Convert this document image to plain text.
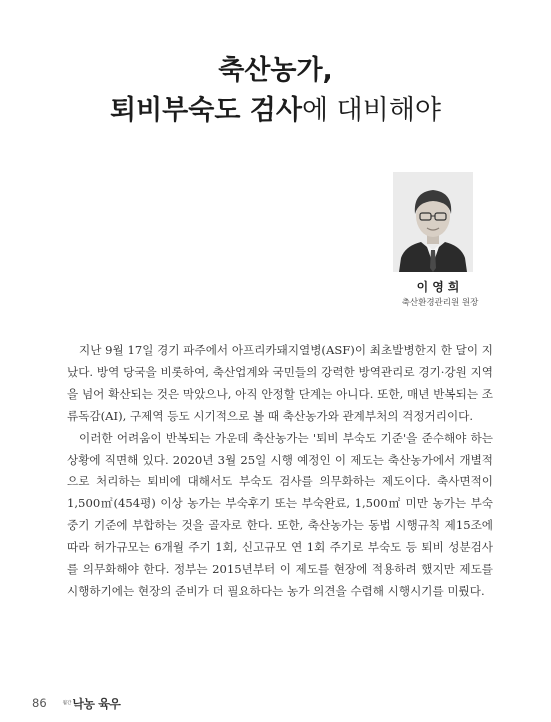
축산농가,
퇴비부숙도 검사에 대비해야
이영희
축산환경관리원 원장

지난 9월 17일 경기 파주에서 아프리카돼지열병(ASF)이 최초발병한지 한 달이 지났다. 방역 당국을 비롯하여, 축산업계와 국민들의 강력한 방역관리로 경기·강원 지역을 넘어 확산되는 것은 막았으나, 아직 안정할 단계는 아니다. 또한, 매년 반복되는 조류독감(AI), 구제역 등도 시기적으로 볼 때 축산농가와 관계부처의 걱정거리이다.

이러한 어려움이 반복되는 가운데 축산농가는 '퇴비 부숙도 기준'을 준수해야 하는 상황에 직면해 있다. 2020년 3월 25일 시행 예정인 이 제도는 축산농가에서 개별적으로 처리하는 퇴비에 대해서도 부숙도 검사를 의무화하는 제도이다. 축사면적이 1,500㎡(454평) 이상 농가는 부숙후기 또는 부숙완료, 1,500㎡ 미만 농가는 부숙중기 기준에 부합하는 것을 골자로 한다. 또한, 축산농가는 동법 시행규칙 제15조에 따라 허가규모는 6개월 주기 1회, 신고규모 연 1회 주기로 부숙도 등 퇴비 성분검사를 의무화해야 한다. 정부는 2015년부터 이 제도를 현장에 적용하려 했지만 제도를 시행하기에는 현장의 준비가 더 필요하다는 농가 의견을 수렴해 시행시기를 미뤘다.

86	월간 낙농 육우
